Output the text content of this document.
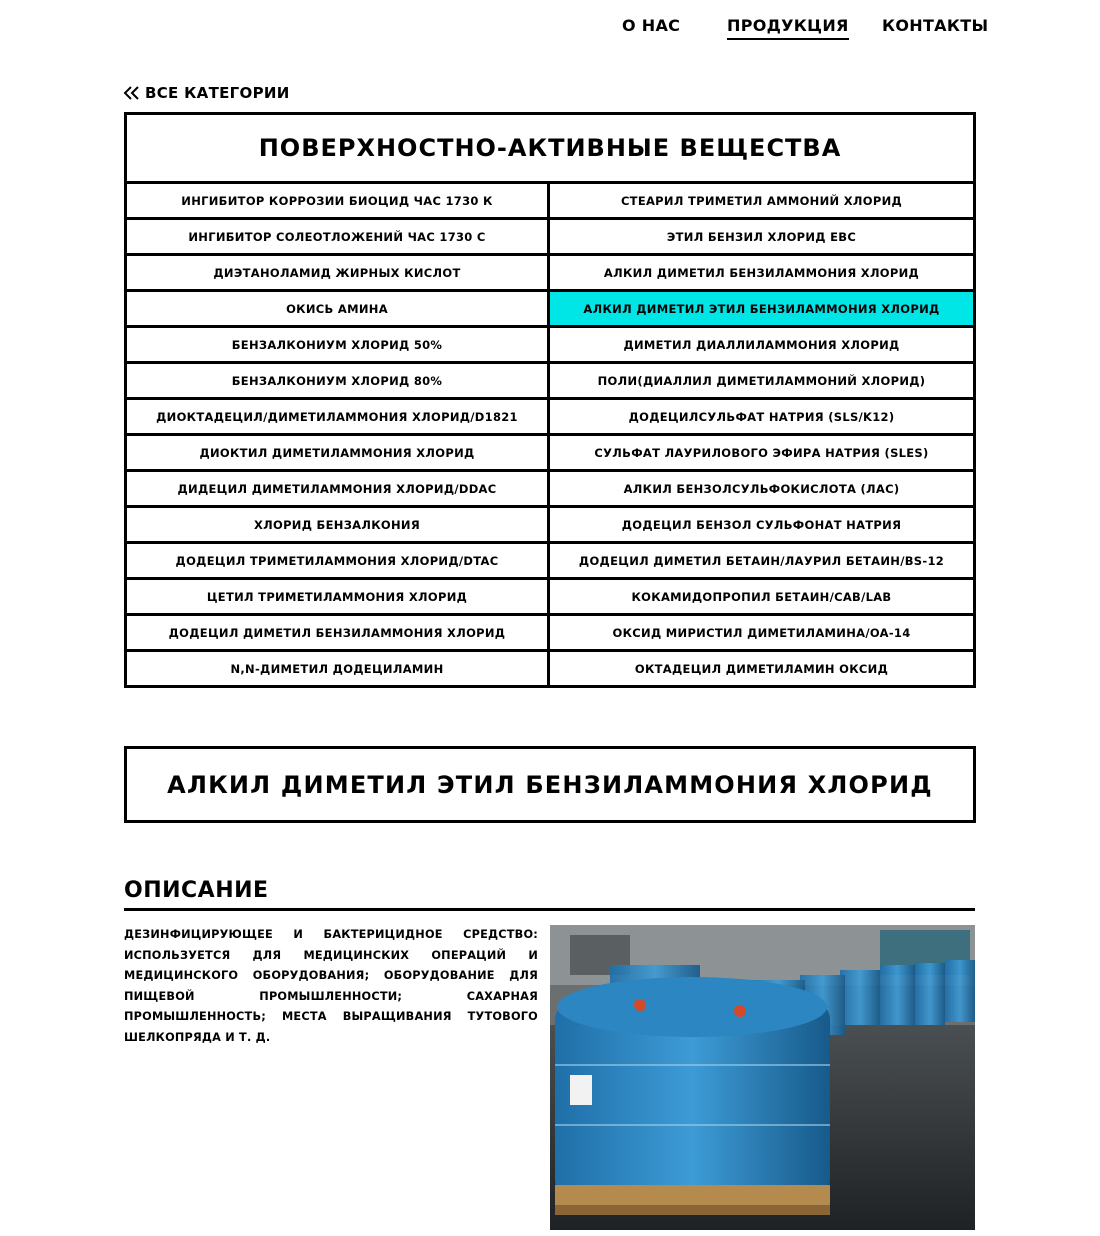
О НАС	ПРОДУКЦИЯ КОНТАКТЫ
ВСЕ КАТЕГОРИИ
ПОВЕРХНОСТНО-АКТИВНЫЕ ВЕЩЕСТВА
ИНГИБИТОР КОРРОЗИИ БИОЦИД ЧАС 1730 К	СТЕАРИЛ ТРИМЕТИЛ АММОНИЙ ХЛОРИД
ИНГИБИТОР СОЛЕОТЛОЖЕНИЙ ЧАС 1730 С	ЭТИЛ БЕНЗИЛ ХЛОРИД EBC
ДИЭТАНОЛАМИД ЖИРНЫХ КИСЛОТ	АЛКИЛ ДИМЕТИЛ БЕНЗИЛАММОНИЯ ХЛОРИД
ОКИСЬ АМИНА	АЛКИЛ ДИМЕТИЛ ЭТИЛ БЕНЗИЛАММОНИЯ ХЛОРИД
БЕНЗАЛКОНИУМ ХЛОРИД 50%	ДИМЕТИЛ ДИАЛЛИЛАММОНИЯ ХЛОРИД
БЕНЗАЛКОНИУМ ХЛОРИД 80%	ПОЛИ(ДИАЛЛИЛ ДИМЕТИЛАММОНИЙ ХЛОРИД)
ДИОКТАДЕЦИЛ/ДИМЕТИЛАММОНИЯ ХЛОРИД/D1821	ДОДЕЦИЛСУЛЬФАТ НАТРИЯ (SLS/K12)
ДИОКТИЛ ДИМЕТИЛАММОНИЯ ХЛОРИД	СУЛЬФАТ ЛАУРИЛОВОГО ЭФИРА НАТРИЯ (SLES)
ДИДЕЦИЛ ДИМЕТИЛАММОНИЯ ХЛОРИД/DDAC	АЛКИЛ БЕНЗОЛСУЛЬФОКИСЛОТА (ЛАС)
ХЛОРИД БЕНЗАЛКОНИЯ	ДОДЕЦИЛ БЕНЗОЛ СУЛЬФОНАТ НАТРИЯ
ДОДЕЦИЛ ТРИМЕТИЛАММОНИЯ ХЛОРИД/DTAC	ДОДЕЦИЛ ДИМЕТИЛ БЕТАИН/ЛАУРИЛ БЕТАИН/BS-12
ЦЕТИЛ ТРИМЕТИЛАММОНИЯ ХЛОРИД	КОКАМИДОПРОПИЛ БЕТАИН/CAB/LAB
ДОДЕЦИЛ ДИМЕТИЛ БЕНЗИЛАММОНИЯ ХЛОРИД	ОКСИД МИРИСТИЛ ДИМЕТИЛАМИНА/OA-14
N,N-ДИМЕТИЛ ДОДЕЦИЛАМИН	ОКТАДЕЦИЛ ДИМЕТИЛАМИН ОКСИД
АЛКИЛ ДИМЕТИЛ ЭТИЛ БЕНЗИЛАММОНИЯ ХЛОРИД
ОПИСАНИЕ
ДЕЗИНФИЦИРУЮЩЕЕ И БАКТЕРИЦИДНОЕ СРЕДСТВО: ИСПОЛЬЗУЕТСЯ ДЛЯ МЕДИЦИНСКИХ ОПЕРАЦИЙ И МЕДИЦИНСКОГО ОБОРУДОВАНИЯ; ОБОРУДОВАНИЕ ДЛЯ ПИЩЕВОЙ ПРОМЫШЛЕННОСТИ; САХАРНАЯ ПРОМЫШЛЕННОСТЬ; МЕСТА ВЫРАЩИВАНИЯ ТУТОВОГО ШЕЛКОПРЯДА И Т. Д.
